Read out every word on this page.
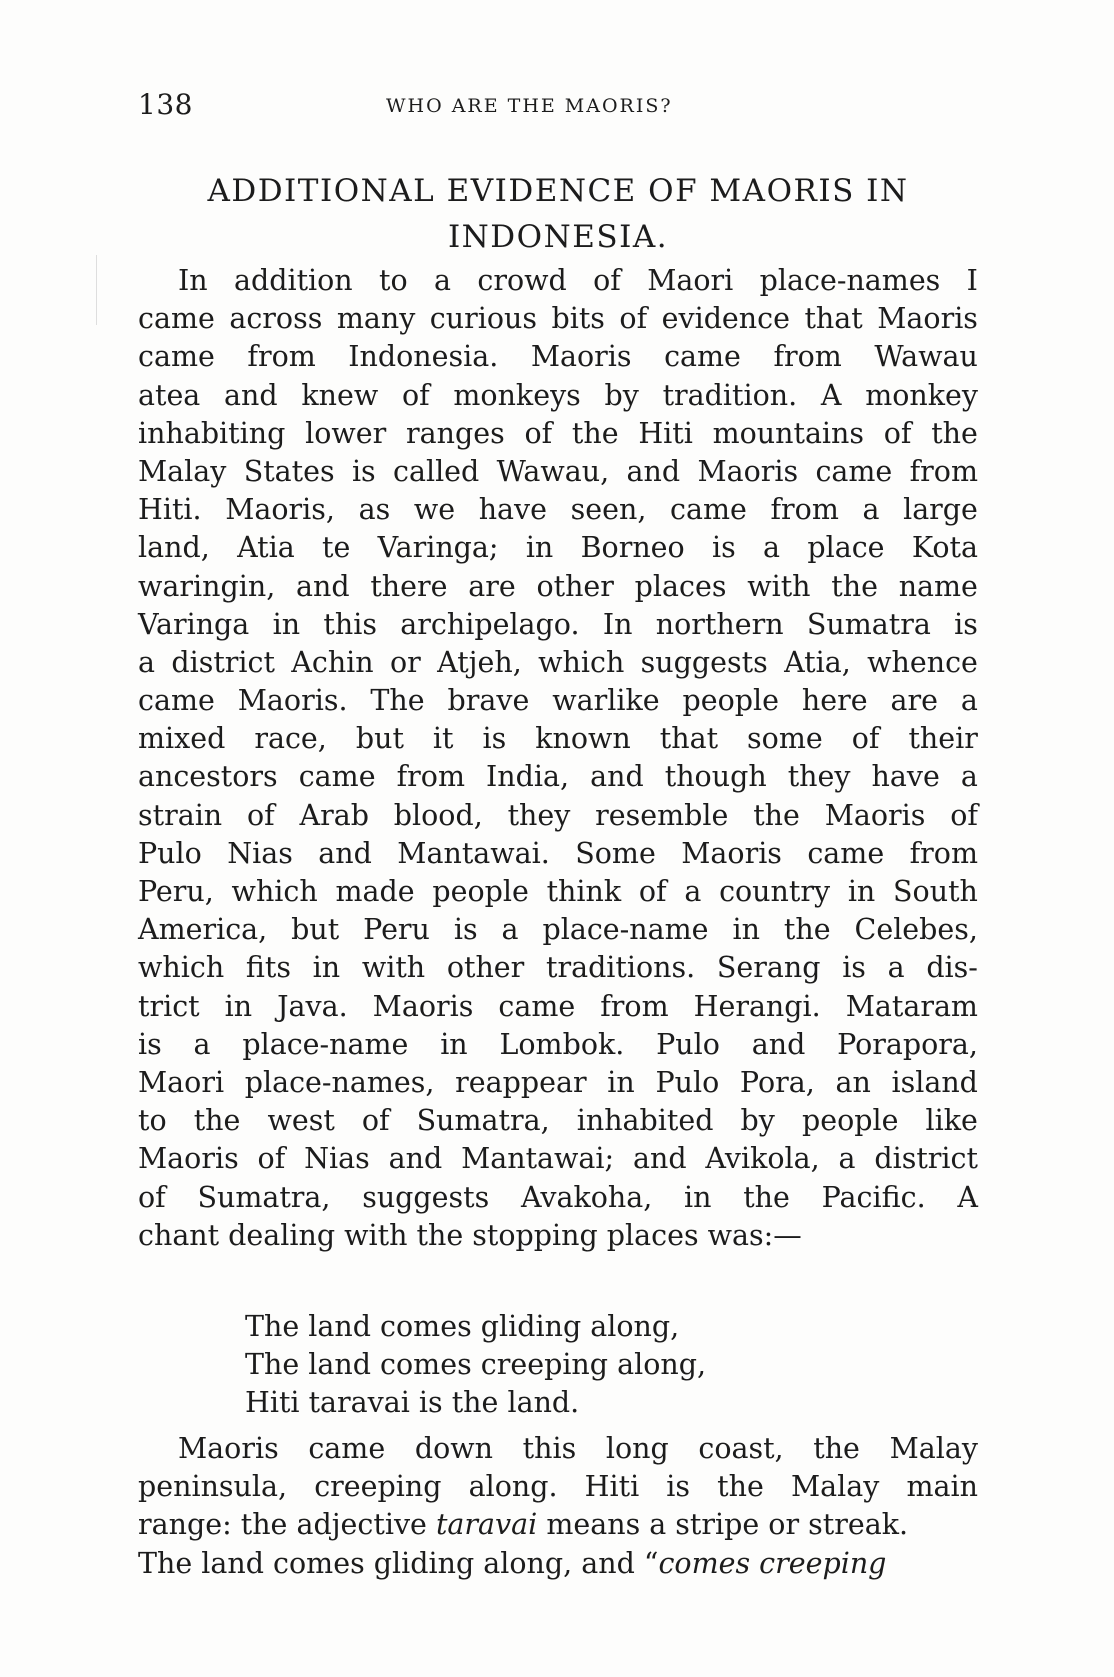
138	WHO ARE THE MAORIS?
ADDITIONAL EVIDENCE OF MAORIS IN
INDONESIA.
In addition to a crowd of Maori place-names I
came across many curious bits of evidence that Maoris
came from Indonesia. Maoris came from Wawau
atea and knew of monkeys by tradition. A monkey
inhabiting lower ranges of the Hiti mountains of the
Malay States is called Wawau, and Maoris came from
Hiti. Maoris, as we have seen, came from a large
land, Atia te Varinga; in Borneo is a place Kota
waringin, and there are other places with the name
Varinga in this archipelago. In northern Sumatra is
a district Achin or Atjeh, which suggests Atia, whence
came Maoris. The brave warlike people here are a
mixed race, but it is known that some of their
ancestors came from India, and though they have a
strain of Arab blood, they resemble the Maoris of
Pulo Nias and Mantawai. Some Maoris came from
Peru, which made people think of a country in South
America, but Peru is a place-name in the Celebes,
which fits in with other traditions. Serang is a dis-
trict in Java. Maoris came from Herangi. Mataram
is a place-name in Lombok. Pulo and Porapora,
Maori place-names, reappear in Pulo Pora, an island
to the west of Sumatra, inhabited by people like
Maoris of Nias and Mantawai; and Avikola, a district
of Sumatra, suggests Avakoha, in the Pacific. A
chant dealing with the stopping places was:—
The land comes gliding along,
The land comes creeping along,
Hiti taravai is the land.
Maoris came down this long coast, the Malay
peninsula, creeping along. Hiti is the Malay main
range: the adjective taravai means a stripe or streak.
The land comes gliding along, and “comes creeping
